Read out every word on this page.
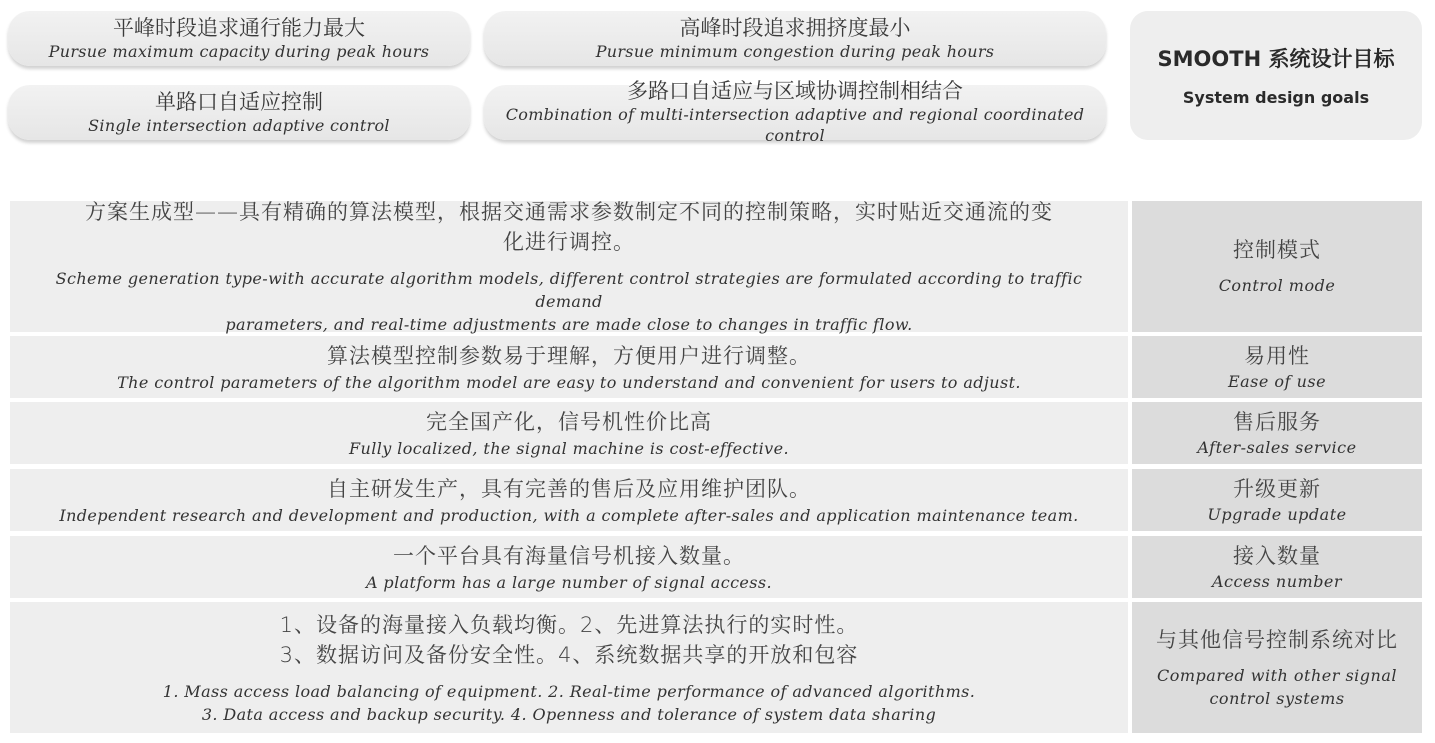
平峰时段追求通行能力最大
Pursue maximum capacity during peak hours
高峰时段追求拥挤度最小
Pursue minimum congestion during peak hours
单路口自适应控制
Single intersection adaptive control
多路口自适应与区域协调控制相结合
Combination of multi-intersection adaptive and regional coordinated control
SMOOTH 系统设计目标
System design goals
方案生成型——具有精确的算法模型，根据交通需求参数制定不同的控制策略，实时贴近交通流的变
化进行调控。
Scheme generation type-with accurate algorithm models, different control strategies are formulated according to traffic demand
parameters, and real-time adjustments are made close to changes in traffic flow.
控制模式
Control mode
算法模型控制参数易于理解，方便用户进行调整。
The control parameters of the algorithm model are easy to understand and convenient for users to adjust.
易用性
Ease of use
完全国产化，信号机性价比高
Fully localized, the signal machine is cost-effective.
售后服务
After-sales service
自主研发生产，具有完善的售后及应用维护团队。
Independent research and development and production, with a complete after-sales and application maintenance team.
升级更新
Upgrade update
一个平台具有海量信号机接入数量。
A platform has a large number of signal access.
接入数量
Access number
1、设备的海量接入负载均衡。2、先进算法执行的实时性。
3、数据访问及备份安全性。4、系统数据共享的开放和包容
1. Mass access load balancing of equipment. 2. Real-time performance of advanced algorithms.
3. Data access and backup security. 4. Openness and tolerance of system data sharing
与其他信号控制系统对比
Compared with other signal
control systems
